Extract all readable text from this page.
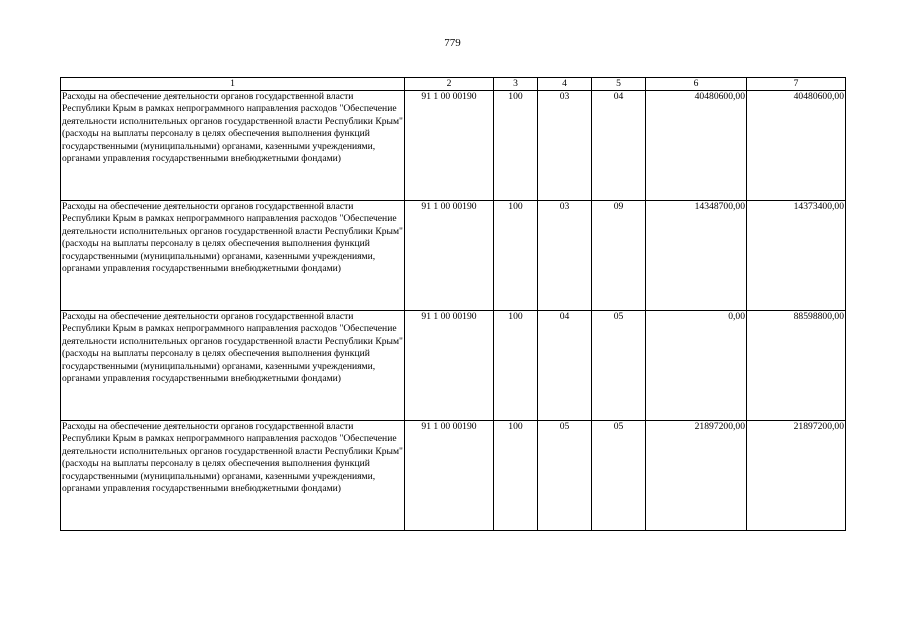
779
1	2	3	4	5	6	7
Расходы на обеспечение деятельности органов государственной власти Республики Крым в рамках непрограммного направления расходов "Обеспечение деятельности исполнительных органов государственной власти Республики Крым" (расходы на выплаты персоналу в целях обеспечения выполнения функций государственными (муниципальными) органами, казенными учреждениями, органами управления государственными внебюджетными фондами)	91 1 00 00190	100	03	04	40480600,00	40480600,00
Расходы на обеспечение деятельности органов государственной власти Республики Крым в рамках непрограммного направления расходов "Обеспечение деятельности исполнительных органов государственной власти Республики Крым" (расходы на выплаты персоналу в целях обеспечения выполнения функций государственными (муниципальными) органами, казенными учреждениями, органами управления государственными внебюджетными фондами)	91 1 00 00190	100	03	09	14348700,00	14373400,00
Расходы на обеспечение деятельности органов государственной власти Республики Крым в рамках непрограммного направления расходов "Обеспечение деятельности исполнительных органов государственной власти Республики Крым" (расходы на выплаты персоналу в целях обеспечения выполнения функций государственными (муниципальными) органами, казенными учреждениями, органами управления государственными внебюджетными фондами)	91 1 00 00190	100	04	05	0,00	88598800,00
Расходы на обеспечение деятельности органов государственной власти Республики Крым в рамках непрограммного направления расходов "Обеспечение деятельности исполнительных органов государственной власти Республики Крым" (расходы на выплаты персоналу в целях обеспечения выполнения функций государственными (муниципальными) органами, казенными учреждениями, органами управления государственными внебюджетными фондами)	91 1 00 00190	100	05	05	21897200,00	21897200,00
